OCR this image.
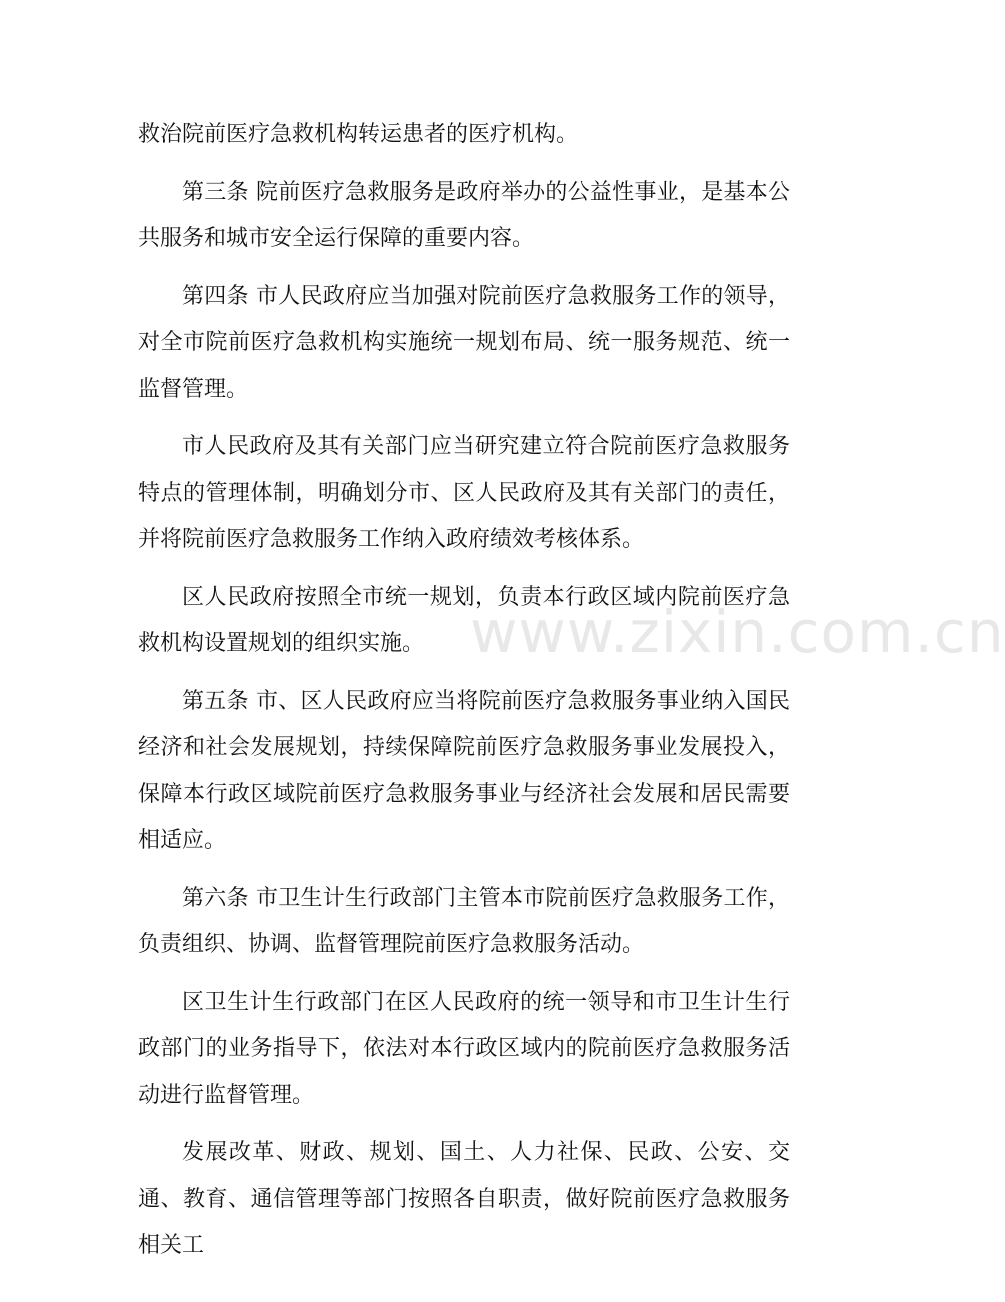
救治院前医疗急救机构转运患者的医疗机构。

第三条 院前医疗急救服务是政府举办的公益性事业，是基本公共服务和城市安全运行保障的重要内容。

第四条 市人民政府应当加强对院前医疗急救服务工作的领导，对全市院前医疗急救机构实施统一规划布局、统一服务规范、统一监督管理。

市人民政府及其有关部门应当研究建立符合院前医疗急救服务特点的管理体制，明确划分市、区人民政府及其有关部门的责任，并将院前医疗急救服务工作纳入政府绩效考核体系。

区人民政府按照全市统一规划，负责本行政区域内院前医疗急救机构设置规划的组织实施。

第五条 市、区人民政府应当将院前医疗急救服务事业纳入国民经济和社会发展规划，持续保障院前医疗急救服务事业发展投入，保障本行政区域院前医疗急救服务事业与经济社会发展和居民需要相适应。

第六条 市卫生计生行政部门主管本市院前医疗急救服务工作，负责组织、协调、监督管理院前医疗急救服务活动。

区卫生计生行政部门在区人民政府的统一领导和市卫生计生行政部门的业务指导下，依法对本行政区域内的院前医疗急救服务活动进行监督管理。

发展改革、财政、规划、国土、人力社保、民政、公安、交通、教育、通信管理等部门按照各自职责，做好院前医疗急救服务相关工

www.zixin.com.cn
